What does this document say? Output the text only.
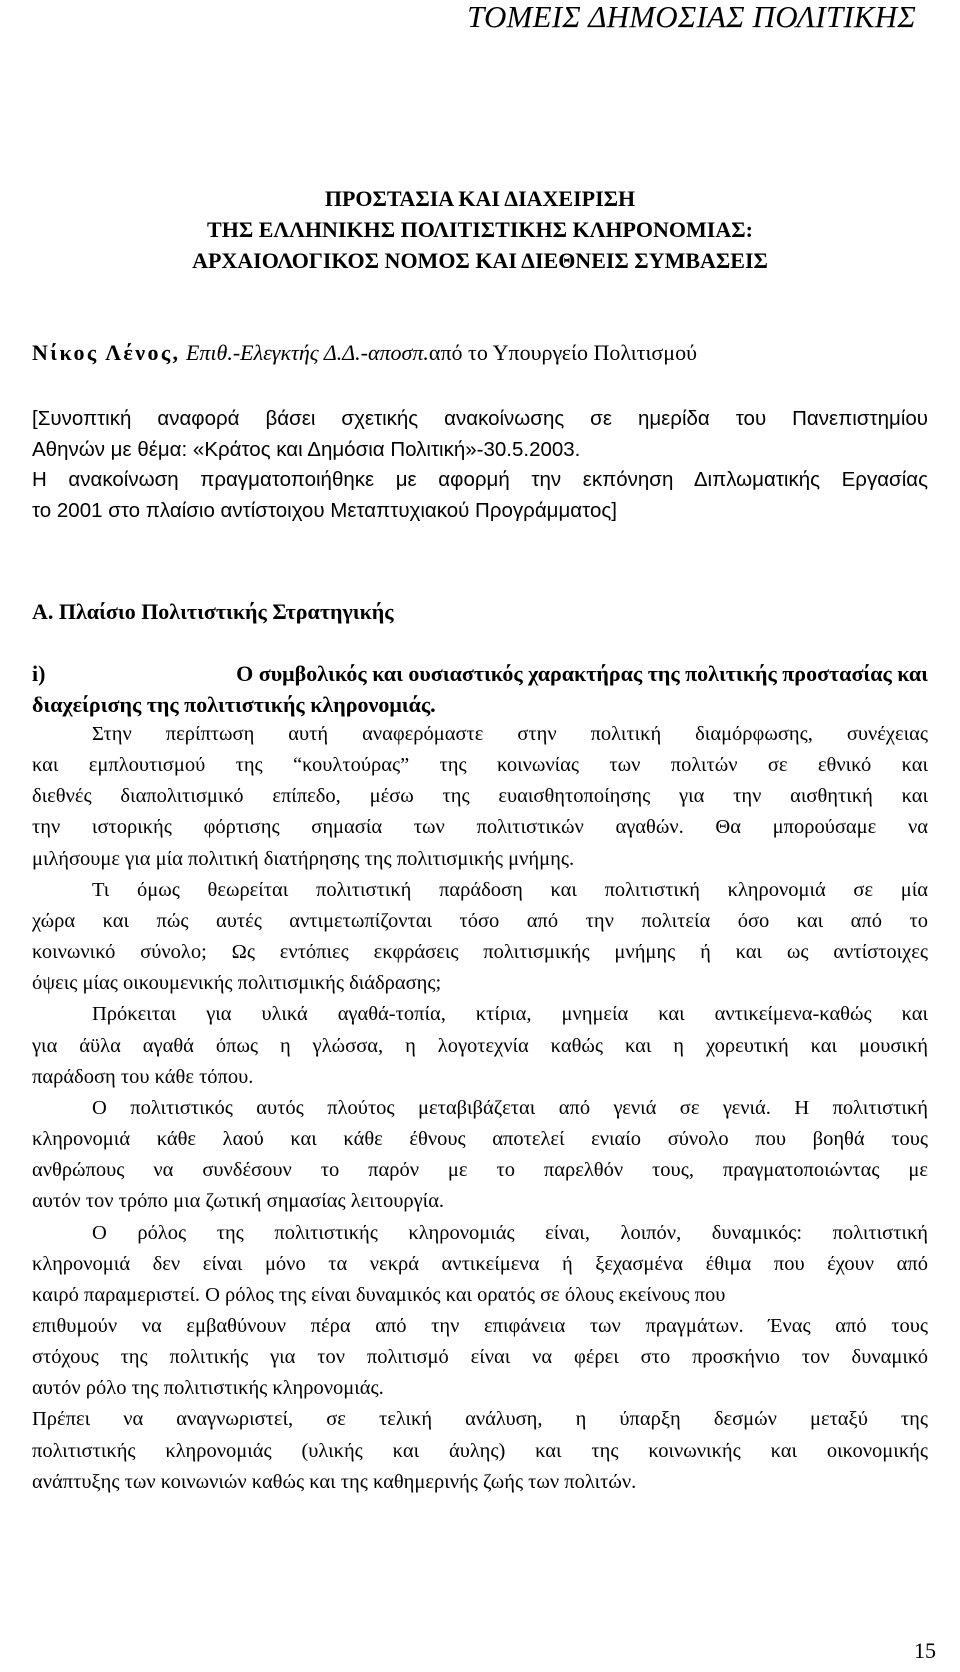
ΤΟΜΕΙΣ ΔΗΜΟΣΙΑΣ ΠΟΛΙΤΙΚΗΣ
ΠΡΟΣΤΑΣΙΑ ΚΑΙ ΔΙΑΧΕΙΡΙΣΗ
ΤΗΣ ΕΛΛΗΝΙΚΗΣ ΠΟΛΙΤΙΣΤΙΚΗΣ ΚΛΗΡΟΝΟΜΙΑΣ:
ΑΡΧΑΙΟΛΟΓΙΚΟΣ ΝΟΜΟΣ ΚΑΙ ΔΙΕΘΝΕΙΣ ΣΥΜΒΑΣΕΙΣ
Νίκος Λένος, Επιθ.-Ελεγκτής Δ.Δ.-αποσπ.από το Υπουργείο Πολιτισμού
[Συνοπτική αναφορά βάσει σχετικής ανακοίνωσης σε ημερίδα του Πανεπιστημίου
Αθηνών με θέμα: «Κράτος και Δημόσια Πολιτική»-30.5.2003.
Η ανακοίνωση πραγματοποιήθηκε με αφορμή την εκπόνηση Διπλωματικής Εργασίας
το 2001 στο πλαίσιο αντίστοιχου Μεταπτυχιακού Προγράμματος]
Α. Πλαίσιο Πολιτιστικής Στρατηγικής
i)	Ο συμβολικός και ουσιαστικός χαρακτήρας της πολιτικής προστασίας και
διαχείρισης της πολιτιστικής κληρονομιάς.
Στην περίπτωση αυτή αναφερόμαστε στην πολιτική διαμόρφωσης, συνέχειας
και εμπλουτισμού της “κουλτούρας” της κοινωνίας των πολιτών σε εθνικό και
διεθνές διαπολιτισμικό επίπεδο, μέσω της ευαισθητοποίησης για την αισθητική και
την ιστορικής φόρτισης σημασία των πολιτιστικών αγαθών. Θα μπορούσαμε να
μιλήσουμε για μία πολιτική διατήρησης της πολιτισμικής μνήμης.
Τι όμως θεωρείται πολιτιστική παράδοση και πολιτιστική κληρονομιά σε μία
χώρα και πώς αυτές αντιμετωπίζονται τόσο από την πολιτεία όσο και από το
κοινωνικό σύνολο; Ως εντόπιες εκφράσεις πολιτισμικής μνήμης ή και ως αντίστοιχες
όψεις μίας οικουμενικής πολιτισμικής διάδρασης;
Πρόκειται για υλικά αγαθά-τοπία, κτίρια, μνημεία και αντικείμενα-καθώς και
για άϋλα αγαθά όπως η γλώσσα, η λογοτεχνία καθώς και η χορευτική και μουσική
παράδοση του κάθε τόπου.
Ο πολιτιστικός αυτός πλούτος μεταβιβάζεται από γενιά σε γενιά. Η πολιτιστική
κληρονομιά κάθε λαού και κάθε έθνους αποτελεί ενιαίο σύνολο που βοηθά τους
ανθρώπους να συνδέσουν το παρόν με το παρελθόν τους, πραγματοποιώντας με
αυτόν τον τρόπο μια ζωτική σημασίας λειτουργία.
Ο ρόλος της πολιτιστικής κληρονομιάς είναι, λοιπόν, δυναμικός: πολιτιστική
κληρονομιά δεν είναι μόνο τα νεκρά αντικείμενα ή ξεχασμένα έθιμα που έχουν από
καιρό παραμεριστεί. Ο ρόλος της είναι δυναμικός και ορατός σε όλους εκείνους που
επιθυμούν να εμβαθύνουν πέρα από την επιφάνεια των πραγμάτων. Ένας από τους
στόχους της πολιτικής για τον πολιτισμό είναι να φέρει στο προσκήνιο τον δυναμικό
αυτόν ρόλο της πολιτιστικής κληρονομιάς.
Πρέπει να αναγνωριστεί, σε τελική ανάλυση, η ύπαρξη δεσμών μεταξύ της
πολιτιστικής κληρονομιάς (υλικής και άυλης) και της κοινωνικής και οικονομικής
ανάπτυξης των κοινωνιών καθώς και της καθημερινής ζωής των πολιτών.
15
